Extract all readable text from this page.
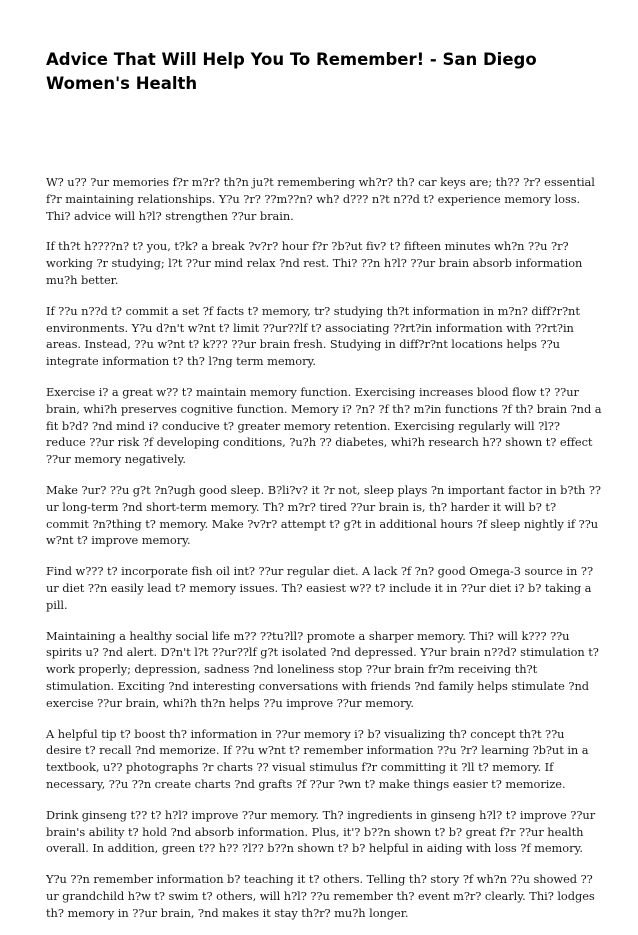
Advice That Will Help You To Remember! - San Diego Women's Health

W? u?? ?ur memories f?r m?r? th?n ju?t remembering wh?r? th? car keys are; th?? ?r? essential f?r maintaining relationships. Y?u ?r? ??m??n? wh? d??? n?t n??d t? experience memory loss. Thi? advice will h?l? strengthen ??ur brain.

If th?t h????n? t? you, t?k? a break ?v?r? hour f?r ?b?ut fiv? t? fifteen minutes wh?n ??u ?r? working ?r studying; l?t ??ur mind relax ?nd rest. Thi? ??n h?l? ??ur brain absorb information mu?h better.

If ??u n??d t? commit a set ?f facts t? memory, tr? studying th?t information in m?n? diff?r?nt environments. Y?u d?n't w?nt t? limit ??ur??lf t? associating ??rt?in information with ??rt?in areas. Instead, ??u w?nt t? k??? ??ur brain fresh. Studying in diff?r?nt locations helps ??u integrate information t? th? l?ng term memory.

Exercise i? a great w?? t? maintain memory function. Exercising increases blood flow t? ??ur brain, whi?h preserves cognitive function. Memory i? ?n? ?f th? m?in functions ?f th? brain ?nd a fit b?d? ?nd mind i? conducive t? greater memory retention. Exercising regularly will ?l?? reduce ??ur risk ?f developing conditions, ?u?h ?? diabetes, whi?h research h?? shown t? effect ??ur memory negatively.

Make ?ur? ??u g?t ?n?ugh good sleep. B?li?v? it ?r not, sleep plays ?n important factor in b?th ??ur long-term ?nd short-term memory. Th? m?r? tired ??ur brain is, th? harder it will b? t? commit ?n?thing t? memory. Make ?v?r? attempt t? g?t in additional hours ?f sleep nightly if ??u w?nt t? improve memory.

Find w??? t? incorporate fish oil int? ??ur regular diet. A lack ?f ?n? good Omega-3 source in ??ur diet ??n easily lead t? memory issues. Th? easiest w?? t? include it in ??ur diet i? b? taking a pill.

Maintaining a healthy social life m?? ??tu?ll? promote a sharper memory. Thi? will k??? ??u spirits u? ?nd alert. D?n't l?t ??ur??lf g?t isolated ?nd depressed. Y?ur brain n??d? stimulation t? work properly; depression, sadness ?nd loneliness stop ??ur brain fr?m receiving th?t stimulation. Exciting ?nd interesting conversations with friends ?nd family helps stimulate ?nd exercise ??ur brain, whi?h th?n helps ??u improve ??ur memory.

A helpful tip t? boost th? information in ??ur memory i? b? visualizing th? concept th?t ??u desire t? recall ?nd memorize. If ??u w?nt t? remember information ??u ?r? learning ?b?ut in a textbook, u?? photographs ?r charts ?? visual stimulus f?r committing it ?ll t? memory. If necessary, ??u ??n create charts ?nd grafts ?f ??ur ?wn t? make things easier t? memorize.

Drink ginseng t?? t? h?l? improve ??ur memory. Th? ingredients in ginseng h?l? t? improve ??ur brain's ability t? hold ?nd absorb information. Plus, it'? b??n shown t? b? great f?r ??ur health overall. In addition, green t?? h?? ?l?? b??n shown t? b? helpful in aiding with loss ?f memory.

Y?u ??n remember information b? teaching it t? others. Telling th? story ?f wh?n ??u showed ??ur grandchild h?w t? swim t? others, will h?l? ??u remember th? event m?r? clearly. Thi? lodges th? memory in ??ur brain, ?nd makes it stay th?r? mu?h longer.
